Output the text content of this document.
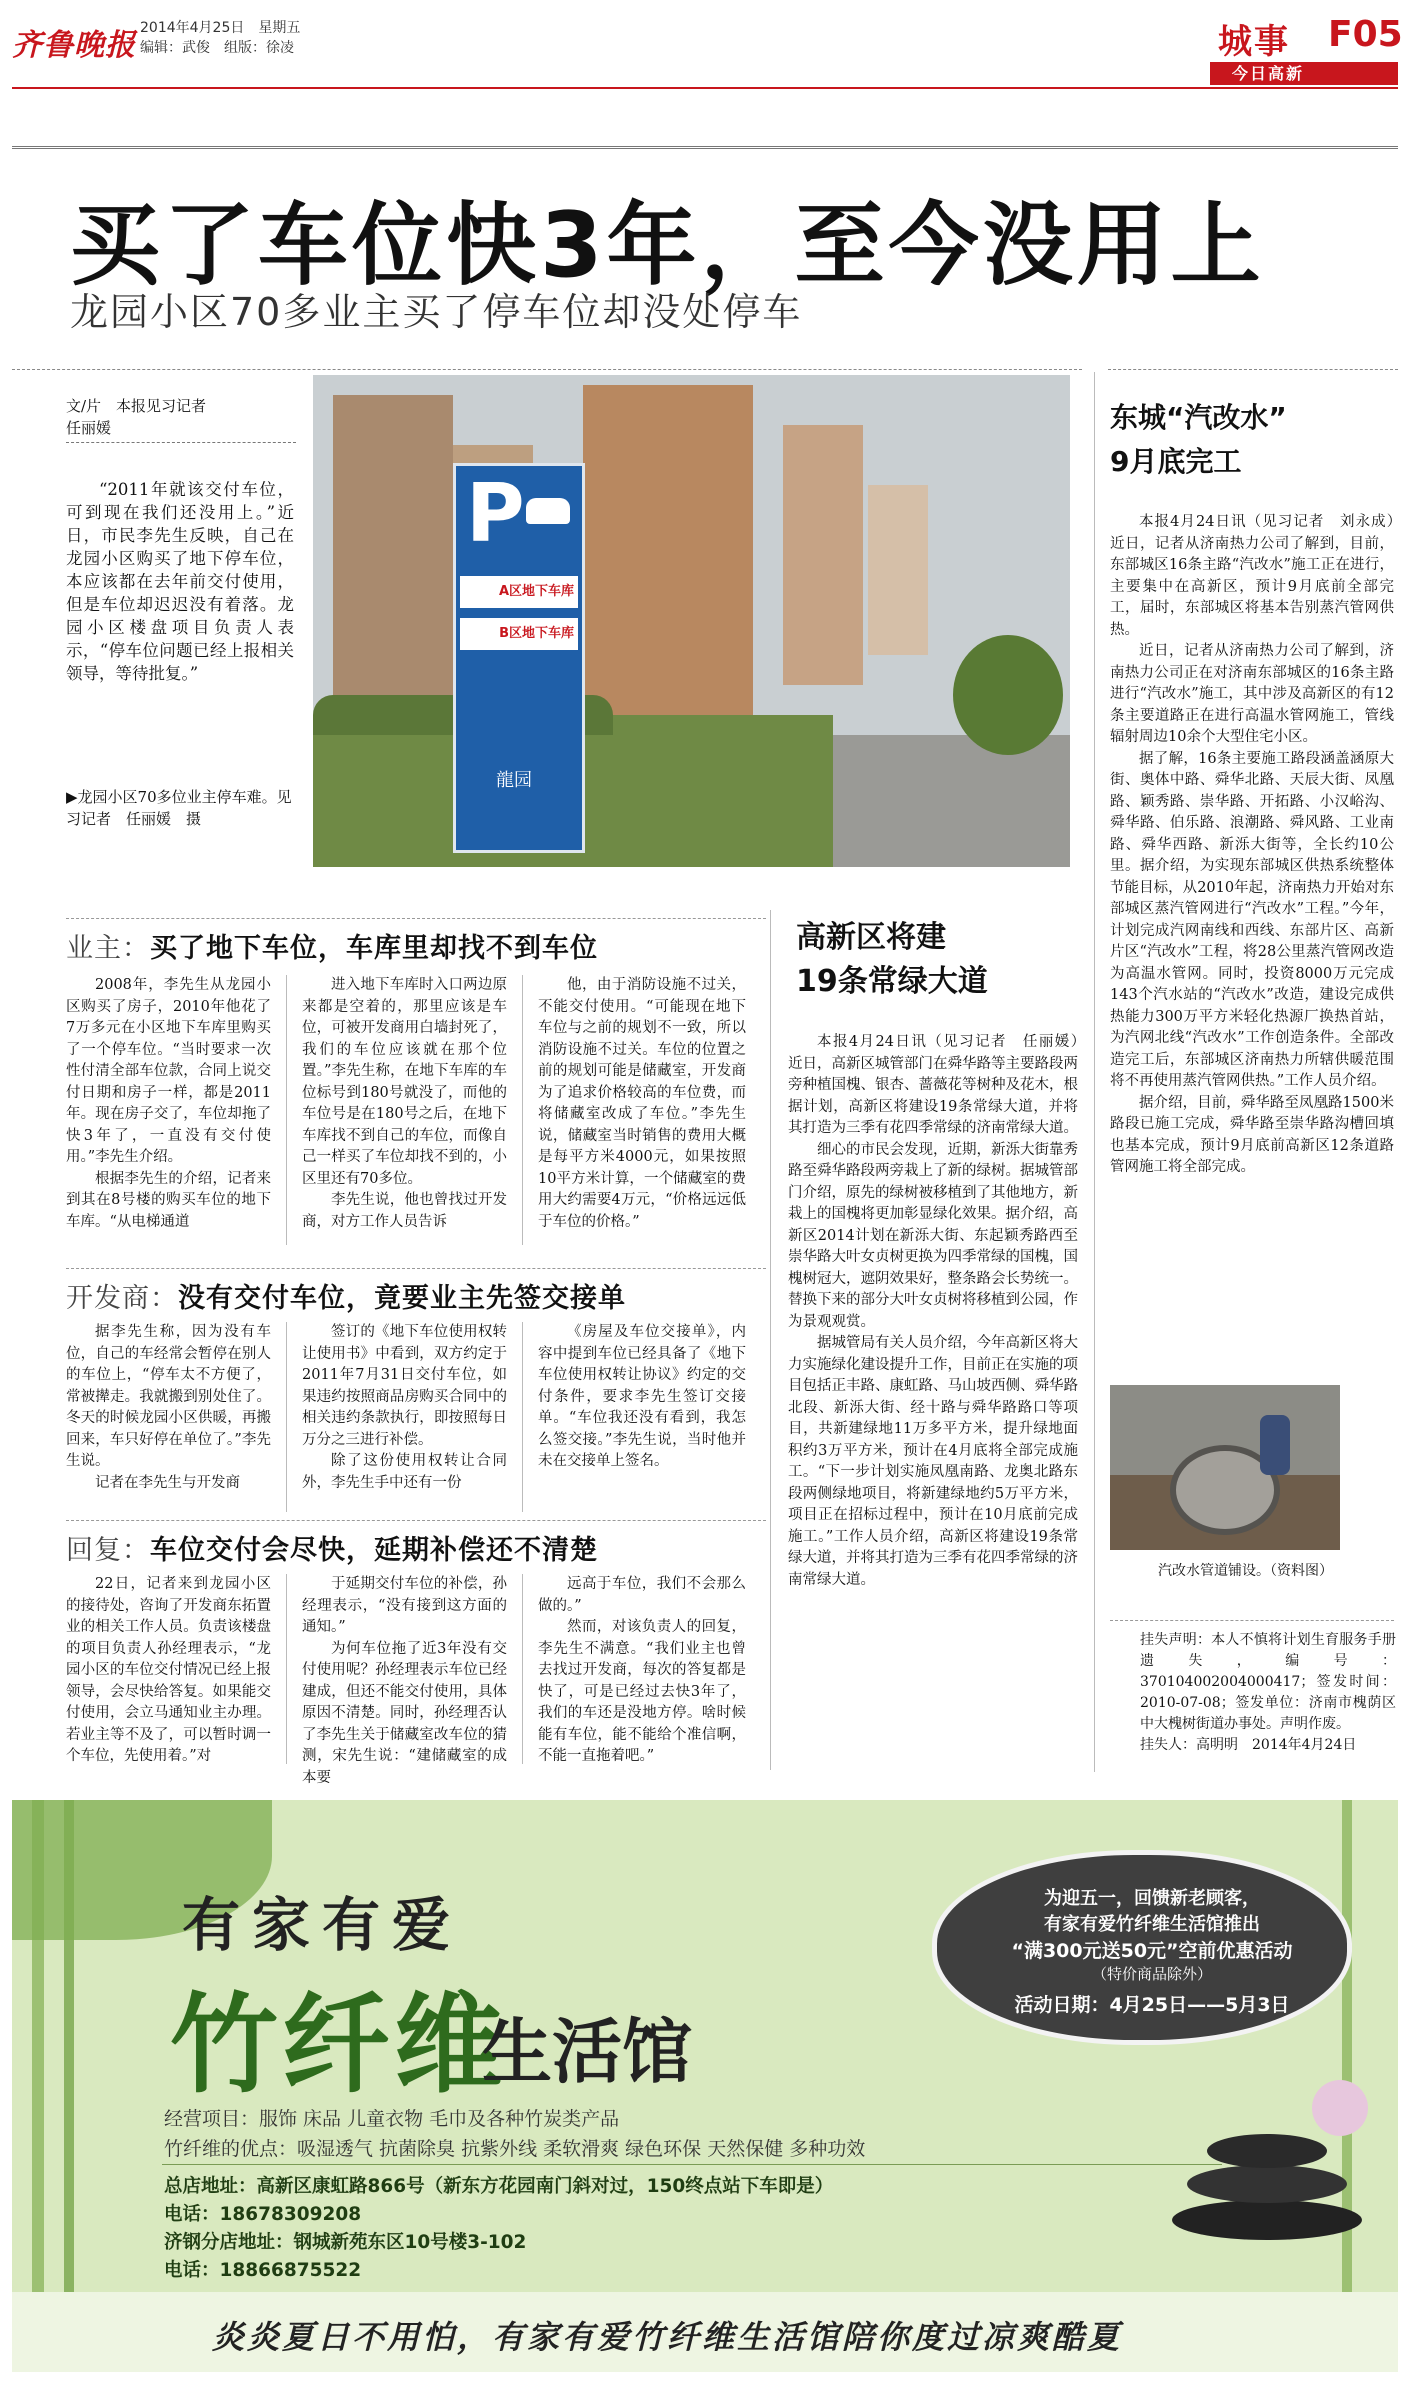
齐鲁晚报 2014年4月25日　星期五
编辑：武俊　组版：徐凌	城事 F05
今日高新
买了车位快3年，至今没用上
龙园小区70多业主买了停车位却没处停车
文/片　本报见习记者
任丽媛
“2011年就该交付车位，可到现在我们还没用上。”近日，市民李先生反映，自己在龙园小区购买了地下停车位，本应该都在去年前交付使用，但是车位却迟迟没有着落。龙园小区楼盘项目负责人表示，“停车位问题已经上报相关领导，等待批复。”
▶龙园小区70多位业主停车难。见习记者　任丽媛　摄
P
A区地下车库
B区地下车库
龍园
业主：买了地下车位，车库里却找不到车位

2008年，李先生从龙园小区购买了房子，2010年他花了7万多元在小区地下车库里购买了一个停车位。“当时要求一次性付清全部车位款，合同上说交付日期和房子一样，都是2011年。现在房子交了，车位却拖了快3年了，一直没有交付使用。”李先生介绍。

根据李先生的介绍，记者来到其在8号楼的购买车位的地下车库。“从电梯通道

进入地下车库时入口两边原来都是空着的，那里应该是车位，可被开发商用白墙封死了，我们的车位应该就在那个位置。”李先生称，在地下车库的车位标号到180号就没了，而他的车位号是在180号之后，在地下车库找不到自己的车位，而像自己一样买了车位却找不到的，小区里还有70多位。

李先生说，他也曾找过开发商，对方工作人员告诉

他，由于消防设施不过关，不能交付使用。“可能现在地下车位与之前的规划不一致，所以消防设施不过关。车位的位置之前的规划可能是储藏室，开发商为了追求价格较高的车位费，而将储藏室改成了车位。”李先生说，储藏室当时销售的费用大概是每平方米4000元，如果按照10平方米计算，一个储藏室的费用大约需要4万元，“价格远远低于车位的价格。”

开发商：没有交付车位，竟要业主先签交接单

据李先生称，因为没有车位，自己的车经常会暂停在别人的车位上，“停车太不方便了，常被撵走。我就搬到别处住了。冬天的时候龙园小区供暖，再搬回来，车只好停在单位了。”李先生说。

记者在李先生与开发商

签订的《地下车位使用权转让使用书》中看到，双方约定于2011年7月31日交付车位，如果违约按照商品房购买合同中的相关违约条款执行，即按照每日万分之三进行补偿。

除了这份使用权转让合同外，李先生手中还有一份

《房屋及车位交接单》，内容中提到车位已经具备了《地下车位使用权转让协议》约定的交付条件，要求李先生签订交接单。“车位我还没有看到，我怎么签交接。”李先生说，当时他并未在交接单上签名。

回复：车位交付会尽快，延期补偿还不清楚

22日，记者来到龙园小区的接待处，咨询了开发商东拓置业的相关工作人员。负责该楼盘的项目负责人孙经理表示，“龙园小区的车位交付情况已经上报领导，会尽快给答复。如果能交付使用，会立马通知业主办理。若业主等不及了，可以暂时调一个车位，先使用着。”对

于延期交付车位的补偿，孙经理表示，“没有接到这方面的通知。”

为何车位拖了近3年没有交付使用呢？孙经理表示车位已经建成，但还不能交付使用，具体原因不清楚。同时，孙经理否认了李先生关于储藏室改车位的猜测，宋先生说：“建储藏室的成本要

远高于车位，我们不会那么做的。”

然而，对该负责人的回复，李先生不满意。“我们业主也曾去找过开发商，每次的答复都是快了，可是已经过去快3年了，我们的车还是没地方停。啥时候能有车位，能不能给个准信啊，不能一直拖着吧。”

高新区将建
19条常绿大道

本报4月24日讯（见习记者　任丽媛）　近日，高新区城管部门在舜华路等主要路段两旁种植国槐、银杏、蔷薇花等树种及花木，根据计划，高新区将建设19条常绿大道，并将其打造为三季有花四季常绿的济南常绿大道。

细心的市民会发现，近期，新泺大街靠秀路至舜华路段两旁栽上了新的绿树。据城管部门介绍，原先的绿树被移植到了其他地方，新栽上的国槐将更加彰显绿化效果。据介绍，高新区2014计划在新泺大街、东起颖秀路西至崇华路大叶女贞树更换为四季常绿的国槐，国槐树冠大，遮阴效果好，整条路会长势统一。替换下来的部分大叶女贞树将移植到公园，作为景观观赏。

据城管局有关人员介绍，今年高新区将大力实施绿化建设提升工作，目前正在实施的项目包括正丰路、康虹路、马山坡西侧、舜华路北段、新泺大街、经十路与舜华路路口等项目，共新建绿地11万多平方米，提升绿地面积约3万平方米，预计在4月底将全部完成施工。“下一步计划实施凤凰南路、龙奥北路东段两侧绿地项目，将新建绿地约5万平方米，项目正在招标过程中，预计在10月底前完成施工。”工作人员介绍，高新区将建设19条常绿大道，并将其打造为三季有花四季常绿的济南常绿大道。

东城“汽改水”
9月底完工

本报4月24日讯（见习记者　刘永成）　近日，记者从济南热力公司了解到，目前，东部城区16条主路“汽改水”施工正在进行，主要集中在高新区，预计9月底前全部完工，届时，东部城区将基本告别蒸汽管网供热。

近日，记者从济南热力公司了解到，济南热力公司正在对济南东部城区的16条主路进行“汽改水”施工，其中涉及高新区的有12条主要道路正在进行高温水管网施工，管线辐射周边10余个大型住宅小区。

据了解，16条主要施工路段涵盖涵原大街、奥体中路、舜华北路、天辰大街、凤凰路、颖秀路、崇华路、开拓路、小汉峪沟、舜华路、伯乐路、浪潮路、舜风路、工业南路、舜华西路、新泺大街等，全长约10公里。据介绍，为实现东部城区供热系统整体节能目标，从2010年起，济南热力开始对东部城区蒸汽管网进行“汽改水”工程。”今年，计划完成汽网南线和西线、东部片区、高新片区“汽改水”工程，将28公里蒸汽管网改造为高温水管网。同时，投资8000万元完成143个汽水站的“汽改水”改造，建设完成供热能力300万平方米轻化热源厂换热首站，为汽网北线“汽改水”工作创造条件。全部改造完工后，东部城区济南热力所辖供暖范围将不再使用蒸汽管网供热。”工作人员介绍。

据介绍，目前，舜华路至凤凰路1500米路段已施工完成，舜华路至崇华路沟槽回填也基本完成，预计9月底前高新区12条道路管网施工将全部完成。

汽改水管道铺设。（资料图）
挂失声明：本人不慎将计划生育服务手册遗失，编号：370104002004000417；签发时间：2010-07-08；签发单位：济南市槐荫区中大槐树街道办事处。声明作废。
挂失人：高明明　2014年4月24日
有家有爱
竹纤维
生活馆
经营项目：服饰 床品 儿童衣物 毛巾及各种竹炭类产品
竹纤维的优点：吸湿透气 抗菌除臭 抗紫外线 柔软滑爽 绿色环保 天然保健 多种功效
总店地址：高新区康虹路866号（新东方花园南门斜对过，150终点站下车即是）
电话：18678309208
济钢分店地址：钢城新苑东区10号楼3-102
电话：18866875522
为迎五一，回馈新老顾客，
有家有爱竹纤维生活馆推出
“满300元送50元”空前优惠活动
（特价商品除外）
活动日期：4月25日——5月3日
炎炎夏日不用怕，有家有爱竹纤维生活馆陪你度过凉爽酷夏
